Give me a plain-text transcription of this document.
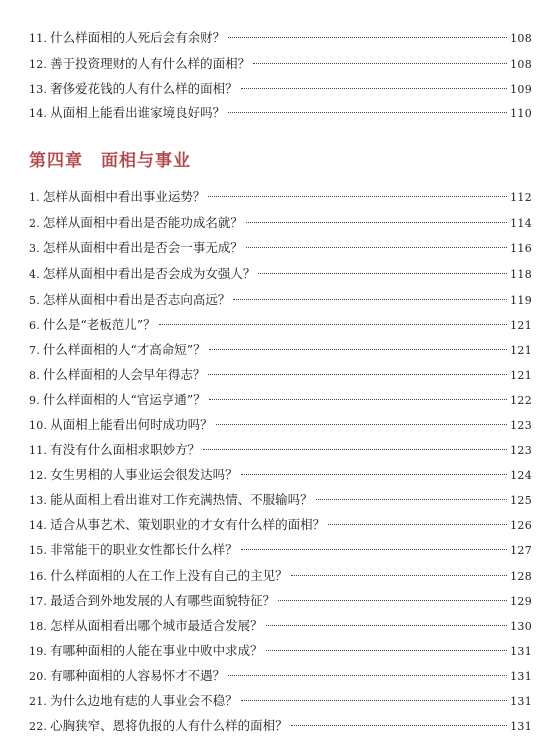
11. 什么样面相的人死后会有余财？	108
12. 善于投资理财的人有什么样的面相？	108
13. 奢侈爱花钱的人有什么样的面相？	109
14. 从面相上能看出谁家境良好吗？	110
第四章 面相与事业
1. 怎样从面相中看出事业运势？	112
2. 怎样从面相中看出是否能功成名就？	114
3. 怎样从面相中看出是否会一事无成？	116
4. 怎样从面相中看出是否会成为女强人？	118
5. 怎样从面相中看出是否志向高远？	119
6. 什么是“老板范儿”？	121
7. 什么样面相的人“才高命短”？	121
8. 什么样面相的人会早年得志？	121
9. 什么样面相的人“官运亨通”？	122
10. 从面相上能看出何时成功吗？	123
11. 有没有什么面相求职妙方？	123
12. 女生男相的人事业运会很发达吗？	124
13. 能从面相上看出谁对工作充满热情、不服输吗？	125
14. 适合从事艺术、策划职业的才女有什么样的面相？	126
15. 非常能干的职业女性都长什么样？	127
16. 什么样面相的人在工作上没有自己的主见？	128
17. 最适合到外地发展的人有哪些面貌特征？	129
18. 怎样从面相看出哪个城市最适合发展？	130
19. 有哪种面相的人能在事业中败中求成？	131
20. 有哪种面相的人容易怀才不遇？	131
21. 为什么边地有痣的人事业会不稳？	131
22. 心胸狭窄、恩将仇报的人有什么样的面相？	131
